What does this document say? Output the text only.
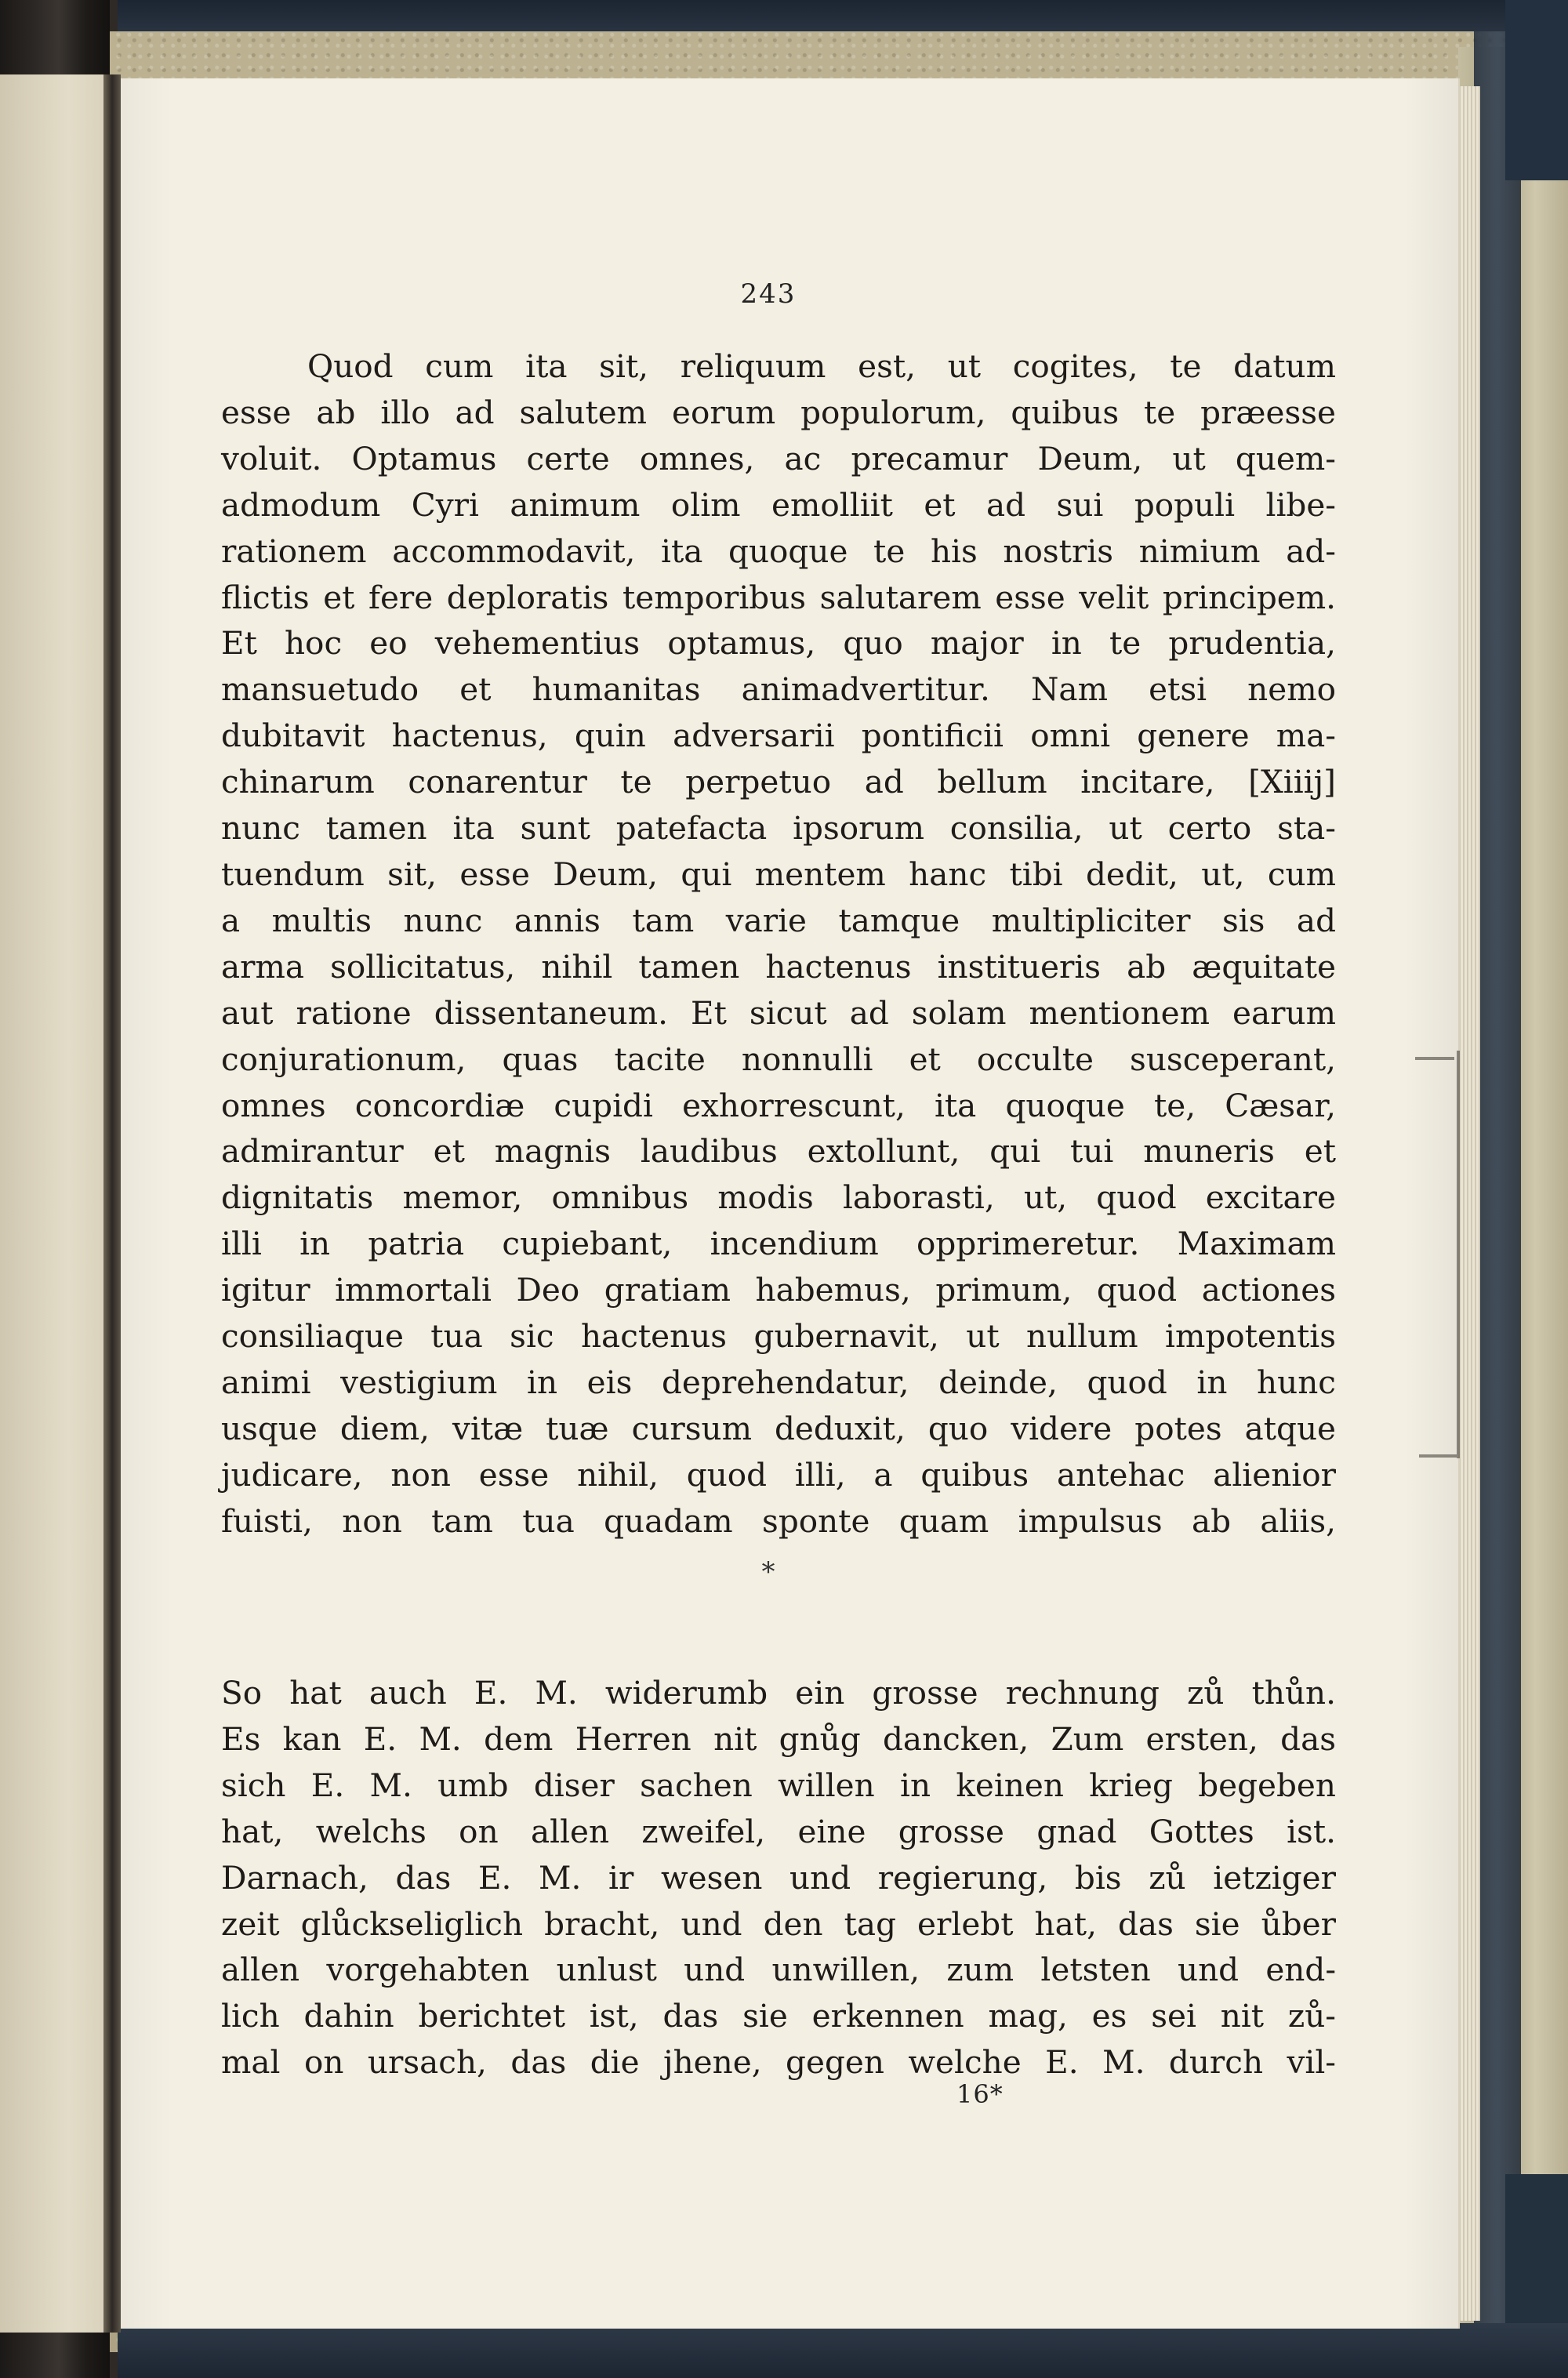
243
Quod cum ita sit, reliquum est, ut cogites, te datum
esse ab illo ad salutem eorum populorum, quibus te præesse
voluit. Optamus certe omnes, ac precamur Deum, ut quem-
admodum Cyri animum olim emolliit et ad sui populi libe-
rationem accommodavit, ita quoque te his nostris nimium ad-
flictis et fere deploratis temporibus salutarem esse velit principem.
Et hoc eo vehementius optamus, quo major in te prudentia,
mansuetudo et humanitas animadvertitur. Nam etsi nemo
dubitavit hactenus, quin adversarii pontificii omni genere ma-
chinarum conarentur te perpetuo ad bellum incitare, [Xiiij]
nunc tamen ita sunt patefacta ipsorum consilia, ut certo sta-
tuendum sit, esse Deum, qui mentem hanc tibi dedit, ut, cum
a multis nunc annis tam varie tamque multipliciter sis ad
arma sollicitatus, nihil tamen hactenus institueris ab æquitate
aut ratione dissentaneum. Et sicut ad solam mentionem earum
conjurationum, quas tacite nonnulli et occulte susceperant,
omnes concordiæ cupidi exhorrescunt, ita quoque te, Cæsar,
admirantur et magnis laudibus extollunt, qui tui muneris et
dignitatis memor, omnibus modis laborasti, ut, quod excitare
illi in patria cupiebant, incendium opprimeretur. Maximam
igitur immortali Deo gratiam habemus, primum, quod actiones
consiliaque tua sic hactenus gubernavit, ut nullum impotentis
animi vestigium in eis deprehendatur, deinde, quod in hunc
usque diem, vitæ tuæ cursum deduxit, quo videre potes atque
judicare, non esse nihil, quod illi, a quibus antehac alienior
fuisti, non tam tua quadam sponte quam impulsus ab aliis,
*
So hat auch E. M. widerumb ein grosse rechnung zů thůn.
Es kan E. M. dem Herren nit gnůg dancken, Zum ersten, das
sich E. M. umb diser sachen willen in keinen krieg begeben
hat, welchs on allen zweifel, eine grosse gnad Gottes ist.
Darnach, das E. M. ir wesen und regierung, bis zů ietziger
zeit glůckseliglich bracht, und den tag erlebt hat, das sie ůber
allen vorgehabten unlust und unwillen, zum letsten und end-
lich dahin berichtet ist, das sie erkennen mag, es sei nit zů-
mal on ursach, das die jhene, gegen welche E. M. durch vil-
16*
